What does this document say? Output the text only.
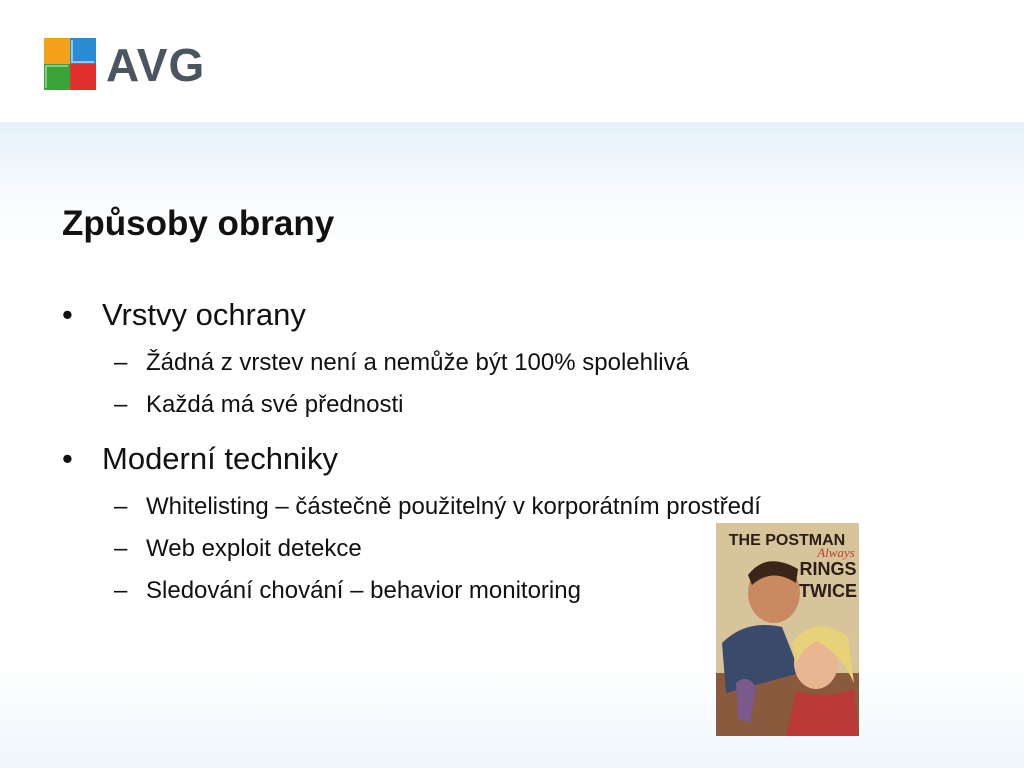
AVG
Způsoby obrany
• Vrstvy ochrany
– Žádná z vrstev není a nemůže být 100% spolehlivá
– Každá má své přednosti
• Moderní techniky
– Whitelisting – částečně použitelný v korporátním prostředí
– Web exploit detekce
– Sledování chování – behavior monitoring
THE POSTMAN
Always
RINGS
TWICE
